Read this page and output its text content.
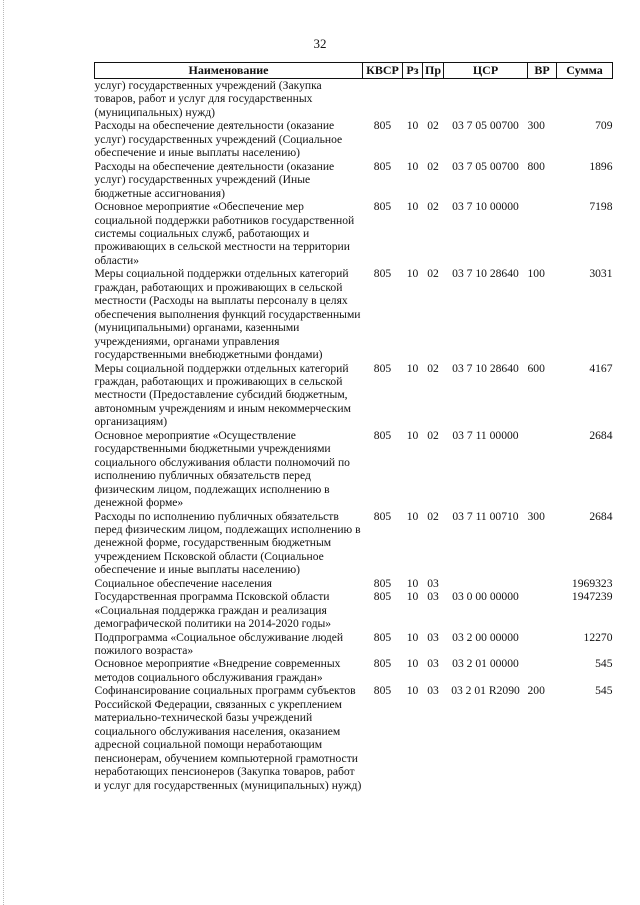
32
Наименование	КВСР	Рз	Пр	ЦСР	ВР	Сумма
услуг) государственных учреждений (Закупка товаров, работ и услуг для государственных (муниципальных) нужд)						
Расходы на обеспечение деятельности (оказание услуг) государственных учреждений (Социальное обеспечение и иные выплаты населению)	805	10	02	03 7 05 00700	300	709
Расходы на обеспечение деятельности (оказание услуг) государственных учреждений (Иные бюджетные ассигнования)	805	10	02	03 7 05 00700	800	1896
Основное мероприятие «Обеспечение мер социальной поддержки работников государственной системы социальных служб, работающих и проживающих в сельской местности на территории области»	805	10	02	03 7 10 00000		7198
Меры социальной поддержки отдельных категорий граждан, работающих и проживающих в сельской местности (Расходы на выплаты персоналу в целях обеспечения выполнения функций государственными (муниципальными) органами, казенными учреждениями, органами управления государственными внебюджетными фондами)	805	10	02	03 7 10 28640	100	3031
Меры социальной поддержки отдельных категорий граждан, работающих и проживающих в сельской местности (Предоставление субсидий бюджетным, автономным учреждениям и иным некоммерческим организациям)	805	10	02	03 7 10 28640	600	4167
Основное мероприятие «Осуществление государственными бюджетными учреждениями социального обслуживания области полномочий по исполнению публичных обязательств перед физическим лицом, подлежащих исполнению в денежной форме»	805	10	02	03 7 11 00000		2684
Расходы по исполнению публичных обязательств перед физическим лицом, подлежащих исполнению в денежной форме, государственным бюджетным учреждением Псковской области (Социальное обеспечение и иные выплаты населению)	805	10	02	03 7 11 00710	300	2684
Социальное обеспечение населения	805	10	03			1969323
Государственная программа Псковской области «Социальная поддержка граждан и реализация демографической политики на 2014-2020 годы»	805	10	03	03 0 00 00000		1947239
Подпрограмма «Социальное обслуживание людей пожилого возраста»	805	10	03	03 2 00 00000		12270
Основное мероприятие «Внедрение современных методов социального обслуживания граждан»	805	10	03	03 2 01 00000		545
Софинансирование социальных программ субъектов Российской Федерации, связанных с укреплением материально-технической базы учреждений социального обслуживания населения, оказанием адресной социальной помощи неработающим пенсионерам, обучением компьютерной грамотности неработающих пенсионеров (Закупка товаров, работ и услуг для государственных (муниципальных) нужд)	805	10	03	03 2 01 R2090	200	545
